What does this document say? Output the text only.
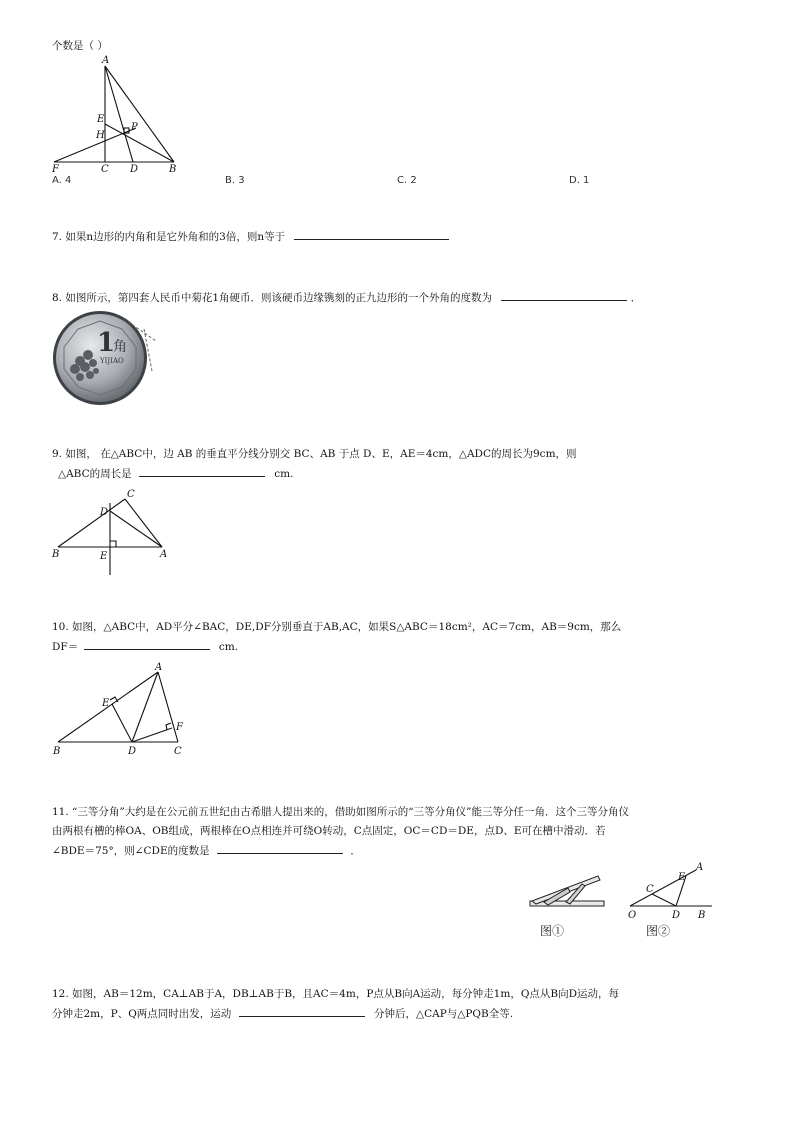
个数是（ ）
A
E
H
P
F	C D	B
A. 4	B. 3	C. 2	D. 1
7. 如果n边形的内角和是它外角和的3倍，则n等于
8. 如图所示，第四套人民币中菊花1角硬币．则该硬币边缘镌刻的正九边形的一个外角的度数为	．
1
角
YIJIAO
9. 如图， 在△ABC中，边 AB 的垂直平分线分别交 BC、AB 于点 D、E，AE＝4cm，△ADC的周长为9cm，则
△ABC的周长是	cm.
C
D
B	E	A
10. 如图，△ABC中，AD平分∠BAC，DE,DF分别垂直于AB,AC，如果S△ABC＝18cm²，AC＝7cm，AB＝9cm，那么
DF＝	cm.
A
E
F
B	D	C
11. “三等分角”大约是在公元前五世纪由古希腊人提出来的，借助如图所示的“三等分角仪”能三等分任一角．这个三等分角仪
由两根有槽的棒OA、OB组成，两根棒在O点相连并可绕O转动，C点固定，OC＝CD＝DE，点D、E可在槽中滑动．若
∠BDE＝75°，则∠CDE的度数是	．
图①
A
E
C
O	D B
图②
12. 如图，AB＝12m，CA⊥AB于A，DB⊥AB于B，且AC＝4m，P点从B向A运动，每分钟走1m，Q点从B向D运动，每
分钟走2m，P、Q两点同时出发，运动	分钟后，△CAP与△PQB全等.
